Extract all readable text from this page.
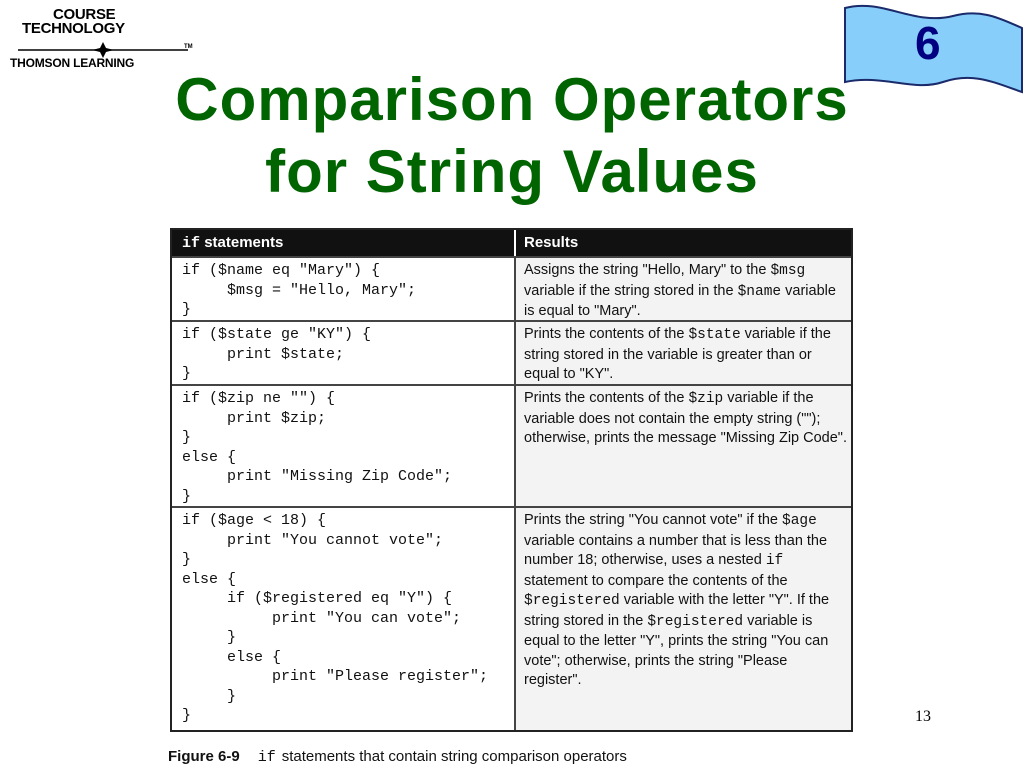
COURSE
TECHNOLOGY
TM
THOMSON LEARNING	6
Comparison Operators
for String Values
if statements	Results
if ($name eq "Mary") {
$msg = "Hello, Mary";
}
Assigns the string "Hello, Mary" to the $msg variable if the string stored in the $name variable is equal to "Mary".
if ($state ge "KY") {
print $state;
}
Prints the contents of the $state variable if the string stored in the variable is greater than or equal to "KY".
if ($zip ne "") {
print $zip;
}
else {
print "Missing Zip Code";
}
Prints the contents of the $zip variable if the variable does not contain the empty string (""); otherwise, prints the message "Missing Zip Code".
if ($age < 18) {
print "You cannot vote";
}
else {
if ($registered eq "Y") {
print "You can vote";
}
else {
print "Please register";
}
}
Prints the string "You cannot vote" if the $age variable contains a number that is less than the number 18; otherwise, uses a nested if statement to compare the contents of the $registered variable with the letter "Y". If the string stored in the $registered variable is equal to the letter "Y", prints the string "You can vote"; otherwise, prints the string "Please register".
13
Figure 6-9 if statements that contain string comparison operators
